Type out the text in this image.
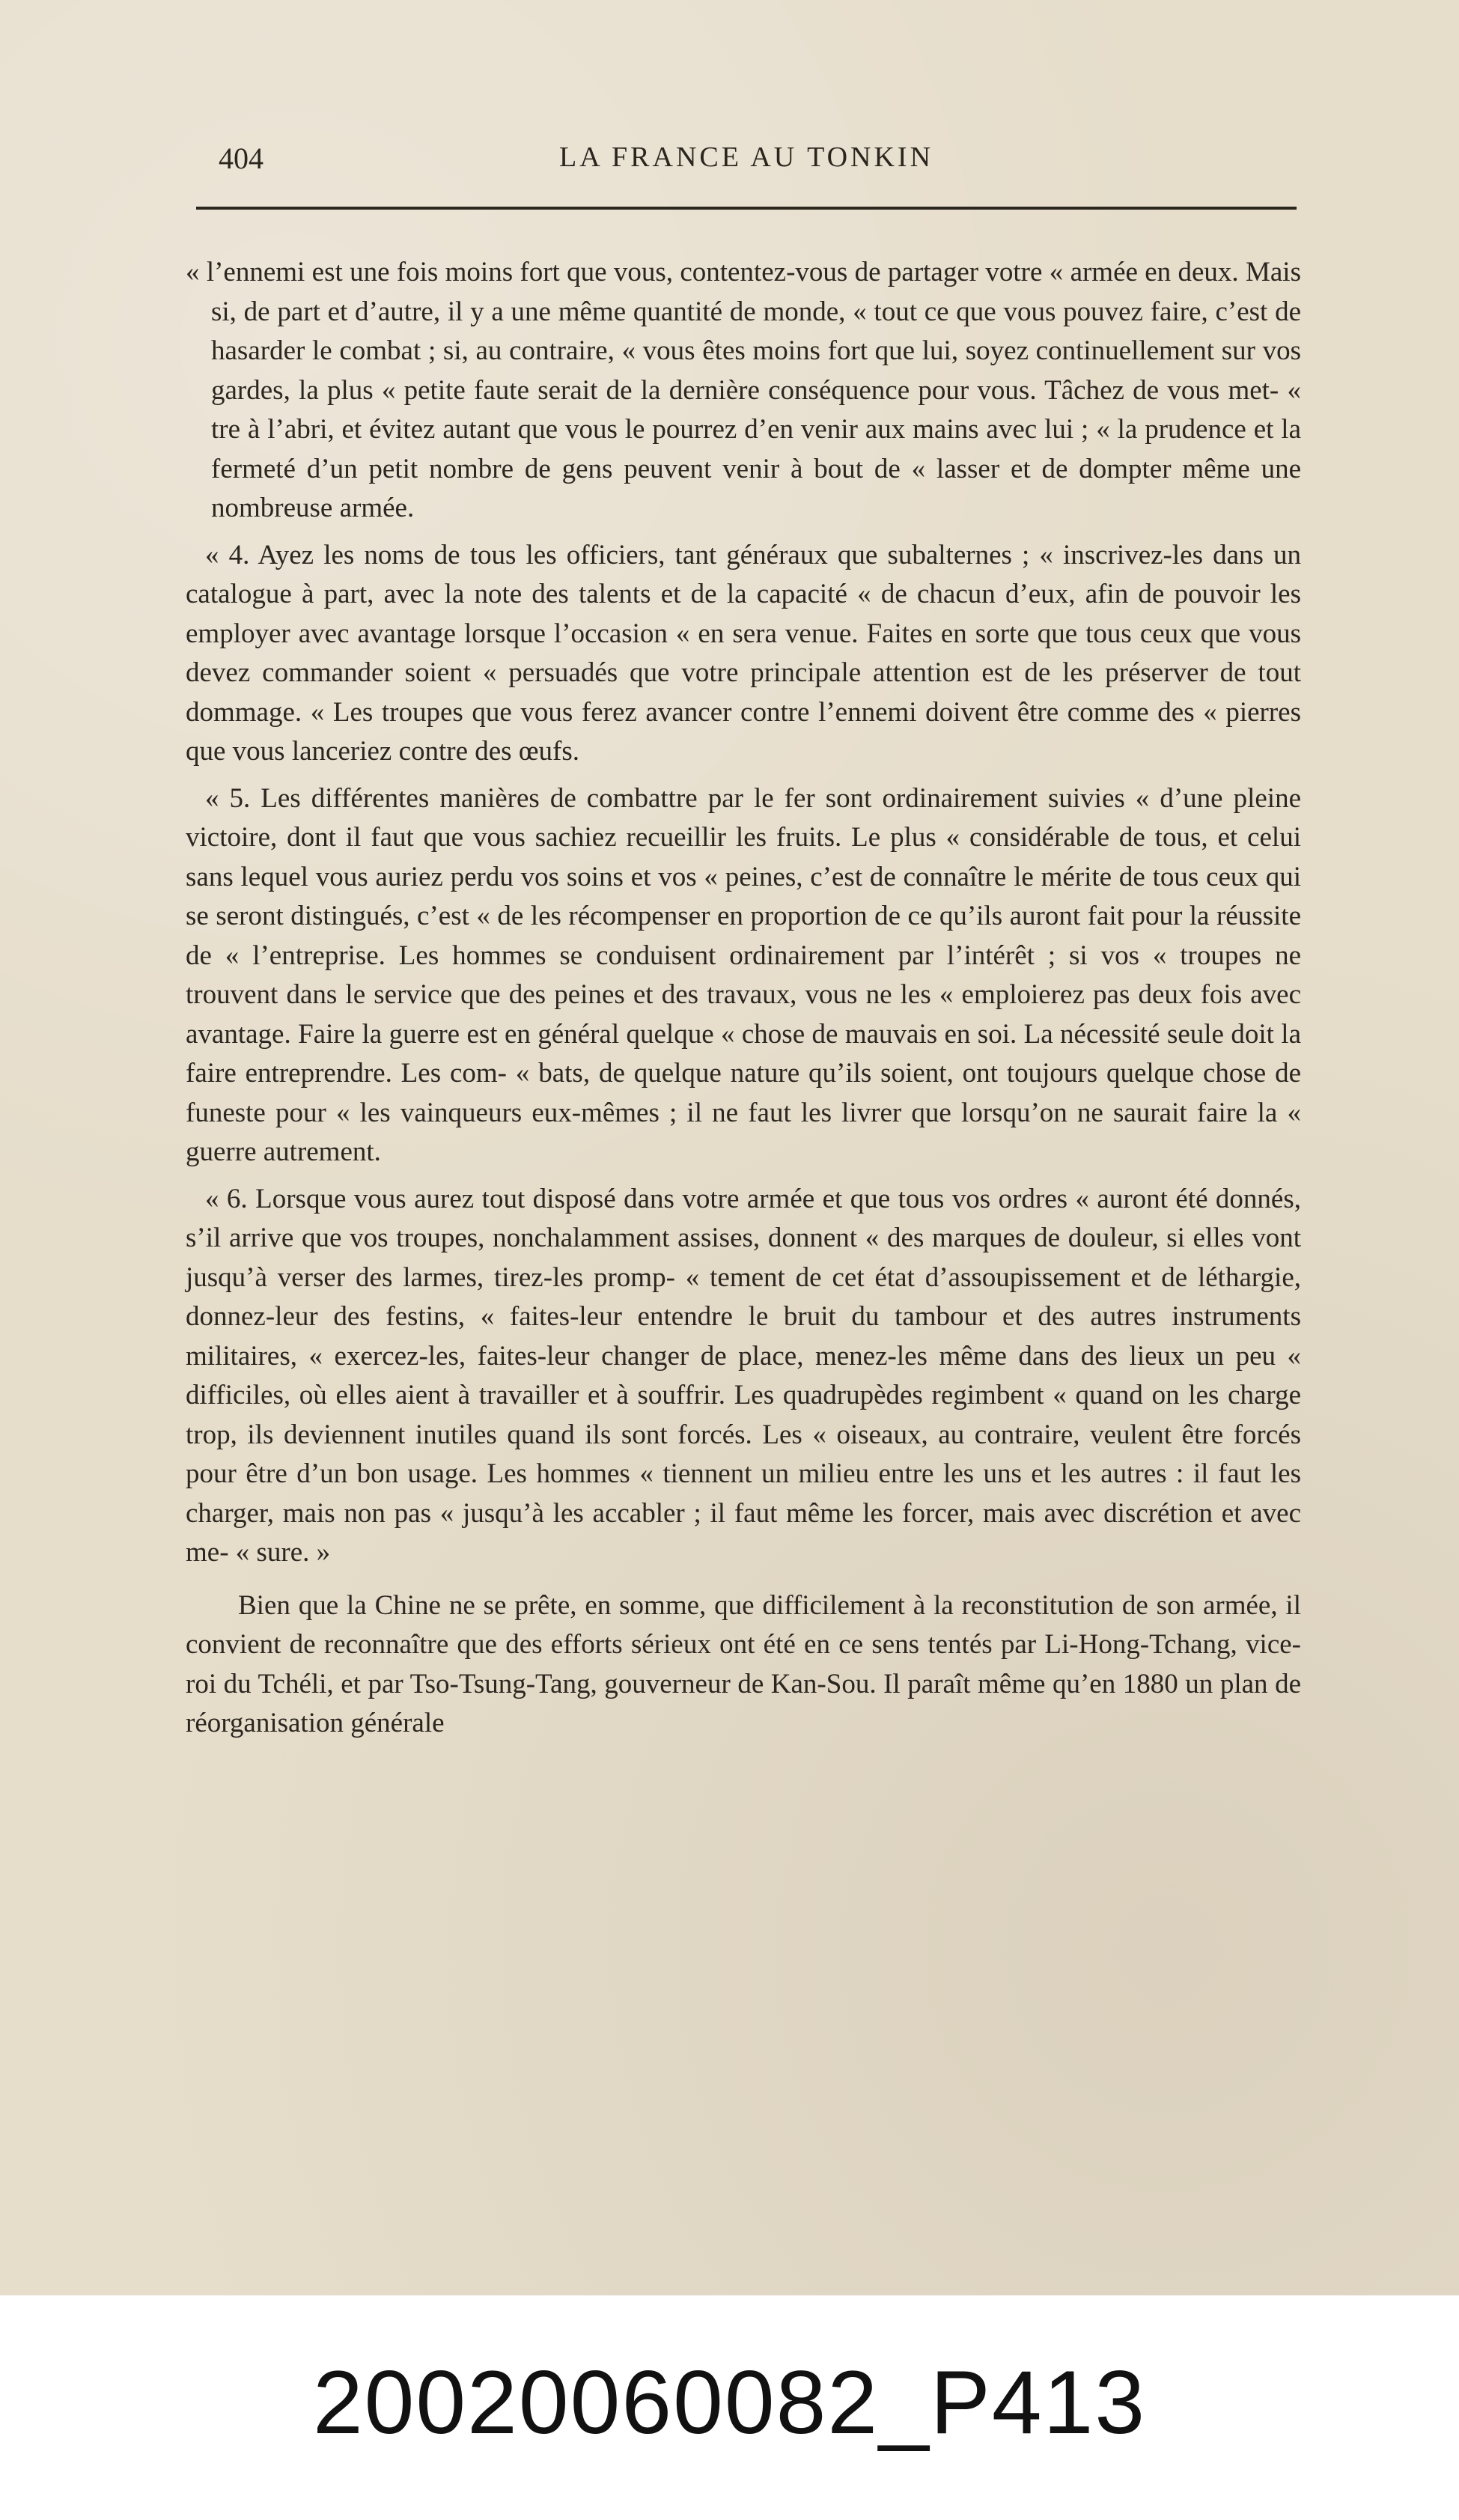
404	LA FRANCE AU TONKIN

« l’ennemi est une fois moins fort que vous, contentez-vous de partager votre « armée en deux. Mais si, de part et d’autre, il y a une même quantité de monde, « tout ce que vous pouvez faire, c’est de hasarder le combat ; si, au contraire, « vous êtes moins fort que lui, soyez continuellement sur vos gardes, la plus « petite faute serait de la dernière conséquence pour vous. Tâchez de vous met- « tre à l’abri, et évitez autant que vous le pourrez d’en venir aux mains avec lui ; « la prudence et la fermeté d’un petit nombre de gens peuvent venir à bout de « lasser et de dompter même une nombreuse armée.

« 4. Ayez les noms de tous les officiers, tant généraux que subalternes ; « inscrivez-les dans un catalogue à part, avec la note des talents et de la capacité « de chacun d’eux, afin de pouvoir les employer avec avantage lorsque l’occasion « en sera venue. Faites en sorte que tous ceux que vous devez commander soient « persuadés que votre principale attention est de les préserver de tout dommage. « Les troupes que vous ferez avancer contre l’ennemi doivent être comme des « pierres que vous lanceriez contre des œufs.

« 5. Les différentes manières de combattre par le fer sont ordinairement suivies « d’une pleine victoire, dont il faut que vous sachiez recueillir les fruits. Le plus « considérable de tous, et celui sans lequel vous auriez perdu vos soins et vos « peines, c’est de connaître le mérite de tous ceux qui se seront distingués, c’est « de les récompenser en proportion de ce qu’ils auront fait pour la réussite de « l’entreprise. Les hommes se conduisent ordinairement par l’intérêt ; si vos « troupes ne trouvent dans le service que des peines et des travaux, vous ne les « emploierez pas deux fois avec avantage. Faire la guerre est en général quelque « chose de mauvais en soi. La nécessité seule doit la faire entreprendre. Les com- « bats, de quelque nature qu’ils soient, ont toujours quelque chose de funeste pour « les vainqueurs eux-mêmes ; il ne faut les livrer que lorsqu’on ne saurait faire la « guerre autrement.

« 6. Lorsque vous aurez tout disposé dans votre armée et que tous vos ordres « auront été donnés, s’il arrive que vos troupes, nonchalamment assises, donnent « des marques de douleur, si elles vont jusqu’à verser des larmes, tirez-les promp- « tement de cet état d’assoupissement et de léthargie, donnez-leur des festins, « faites-leur entendre le bruit du tambour et des autres instruments militaires, « exercez-les, faites-leur changer de place, menez-les même dans des lieux un peu « difficiles, où elles aient à travailler et à souffrir. Les quadrupèdes regimbent « quand on les charge trop, ils deviennent inutiles quand ils sont forcés. Les « oiseaux, au contraire, veulent être forcés pour être d’un bon usage. Les hommes « tiennent un milieu entre les uns et les autres : il faut les charger, mais non pas « jusqu’à les accabler ; il faut même les forcer, mais avec discrétion et avec me- « sure. »

Bien que la Chine ne se prête, en somme, que difficilement à la reconstitution de son armée, il convient de reconnaître que des efforts sérieux ont été en ce sens tentés par Li-Hong-Tchang, vice-roi du Tchéli, et par Tso-Tsung-Tang, gouverneur de Kan-Sou. Il paraît même qu’en 1880 un plan de réorganisation générale

20020060082_P413
